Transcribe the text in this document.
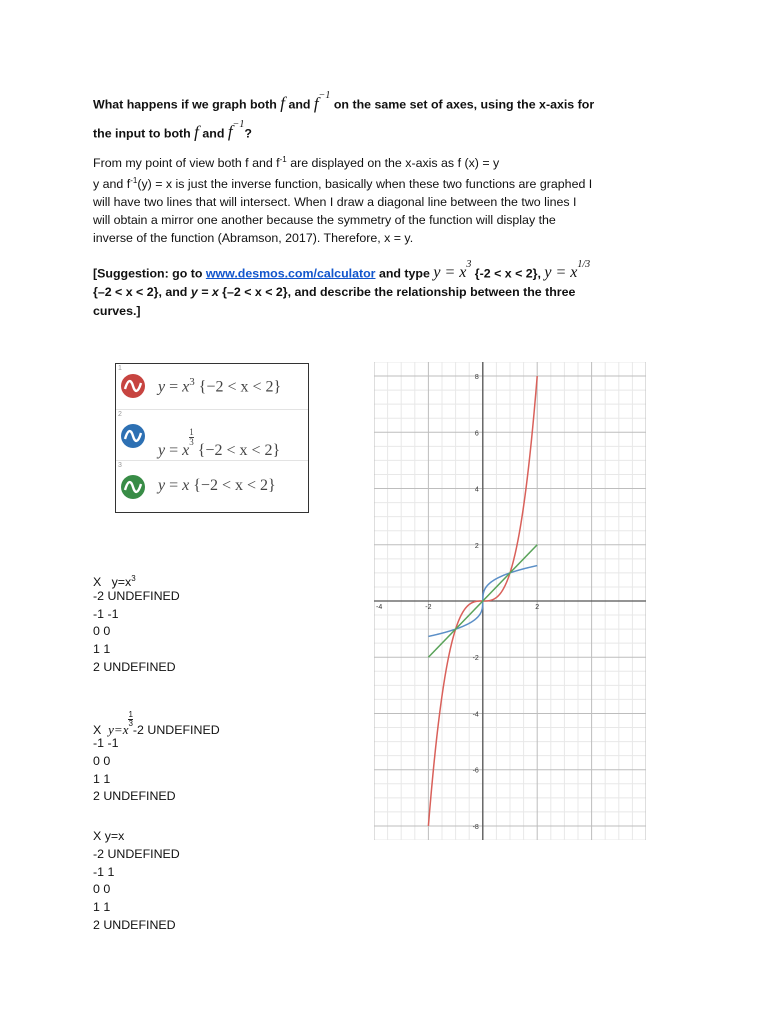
What happens if we graph both f and $f^{-1}$ on the same set of axes, using the x-axis for
the input to both f and $f^{-1}$?
From my point of view both f and $f^{-1}$ are displayed on the x-axis as f (x) = y
y and $f^{-1}(y) = x$ is just the inverse function, basically when these two functions are graphed I
will have two lines that will intersect. When I draw a diagonal line between the two lines I
will obtain a mirror one another because the symmetry of the function will display the
inverse of the function (Abramson, 2017). Therefore, x = y.
[Suggestion: go to www.desmos.com/calculator and type $y = x^3$ {-2 < x < 2}, $y = x^{1/3}$
{–2 < x < 2}, and y = x {–2 < x < 2}, and describe the relationship between the three
curves.]
1
$y = x^3$ {−2 < x < 2}
2
y = x
$\frac{1}{3}$
{−2 < x < 2}
3
y = x {−2 < x < 2}
X $y=x^3$
-2 UNDEFINED
-1 -1
0 0
1 1
2 UNDEFINED
X y=x
$\frac{1}{3}$
-2 UNDEFINED
-1 -1
0 0
1 1
2 UNDEFINED
X y=x
-2 UNDEFINED
-1 1
0 0
1 1
2 UNDEFINED
-4	-2	2
8
6
4
2
-2
-4
-6
-8
